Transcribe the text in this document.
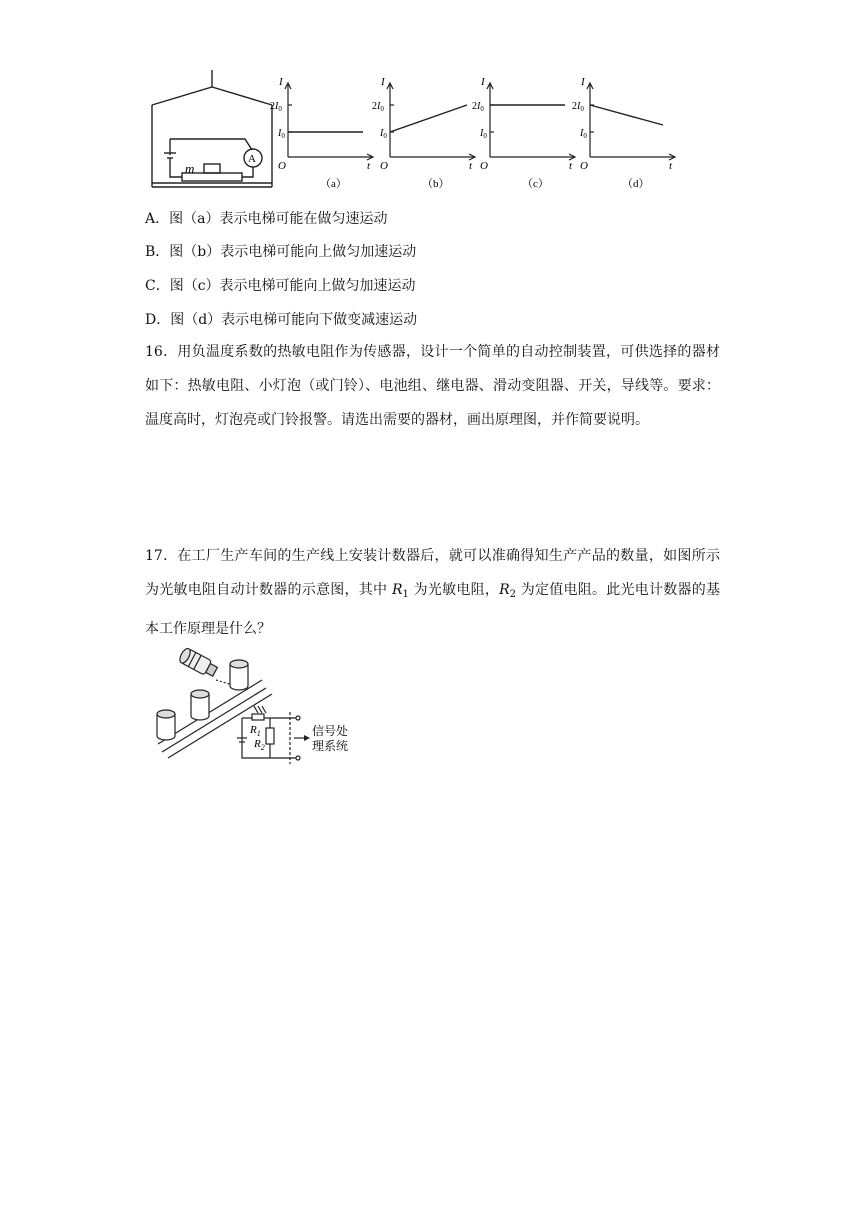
m
A
I
t
O
$2I_0$
$I_0$
（a）
I
t
O
$2I_0$
$I_0$
（b）
I
t
O
$2I_0$
$I_0$
（c）
I
t
O
$2I_0$
$I_0$
（d）
A．图（a）表示电梯可能在做匀速运动
B．图（b）表示电梯可能向上做匀加速运动
C．图（c）表示电梯可能向上做匀加速运动
D．图（d）表示电梯可能向下做变减速运动
16．用负温度系数的热敏电阻作为传感器，设计一个简单的自动控制装置，可供选择的器材如下：热敏电阻、小灯泡（或门铃）、电池组、继电器、滑动变阻器、开关，导线等。要求：温度高时，灯泡亮或门铃报警。请选出需要的器材，画出原理图，并作简要说明。
17．在工厂生产车间的生产线上安装计数器后，就可以准确得知生产产品的数量，如图所示为光敏电阻自动计数器的示意图，其中 $R_1$ 为光敏电阻，$R_2$ 为定值电阻。此光电计数器的基本工作原理是什么？
$R_1$
$R_2$
信号处
理系统
